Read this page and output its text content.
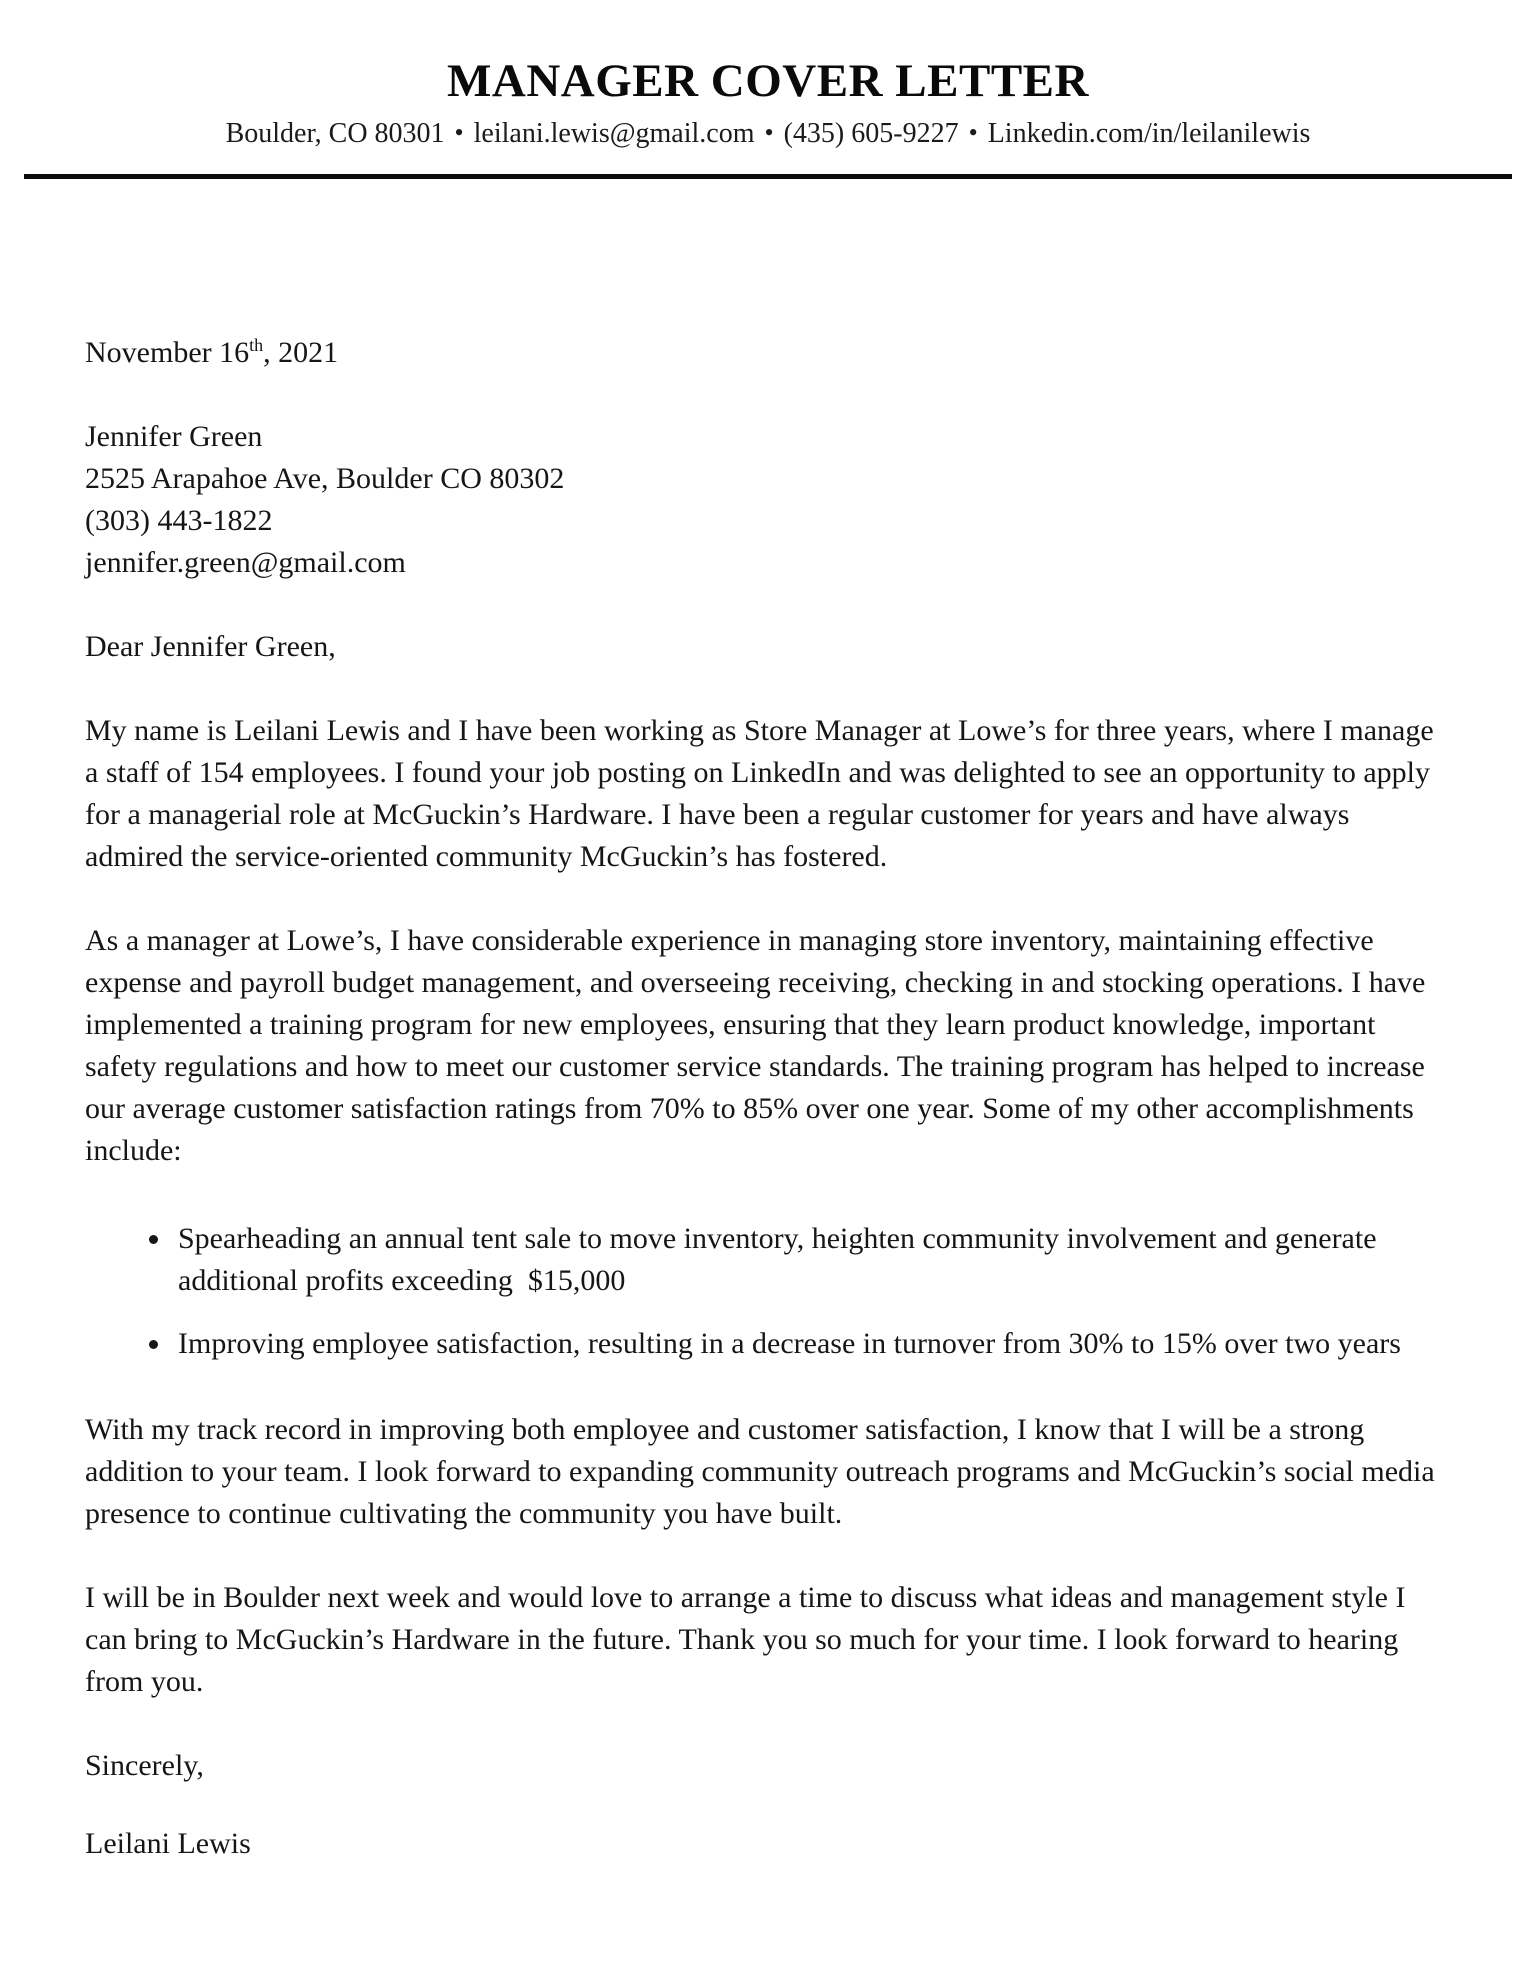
MANAGER COVER LETTER
Boulder, CO 80301 • leilani.lewis@gmail.com • (435) 605-9227 • Linkedin.com/in/leilanilewis

November 16th, 2021

Jennifer Green

2525 Arapahoe Ave, Boulder CO 80302

(303) 443-1822

jennifer.green@gmail.com

Dear Jennifer Green,

My name is Leilani Lewis and I have been working as Store Manager at Lowe’s for three years, where I manage a staff of 154 employees. I found your job posting on LinkedIn and was delighted to see an opportunity to apply for a managerial role at McGuckin’s Hardware. I have been a regular customer for years and have always admired the service-oriented community McGuckin’s has fostered.

As a manager at Lowe’s, I have considerable experience in managing store inventory, maintaining effective expense and payroll budget management, and overseeing receiving, checking in and stocking operations. I have implemented a training program for new employees, ensuring that they learn product knowledge, important safety regulations and how to meet our customer service standards. The training program has helped to increase our average customer satisfaction ratings from 70% to 85% over one year. Some of my other accomplishments include:

• Spearheading an annual tent sale to move inventory, heighten community involvement and generate additional profits exceeding  $15,000
• Improving employee satisfaction, resulting in a decrease in turnover from 30% to 15% over two years

With my track record in improving both employee and customer satisfaction, I know that I will be a strong addition to your team. I look forward to expanding community outreach programs and McGuckin’s social media presence to continue cultivating the community you have built.

I will be in Boulder next week and would love to arrange a time to discuss what ideas and management style I can bring to McGuckin’s Hardware in the future. Thank you so much for your time. I look forward to hearing from you.

Sincerely,

Leilani Lewis
